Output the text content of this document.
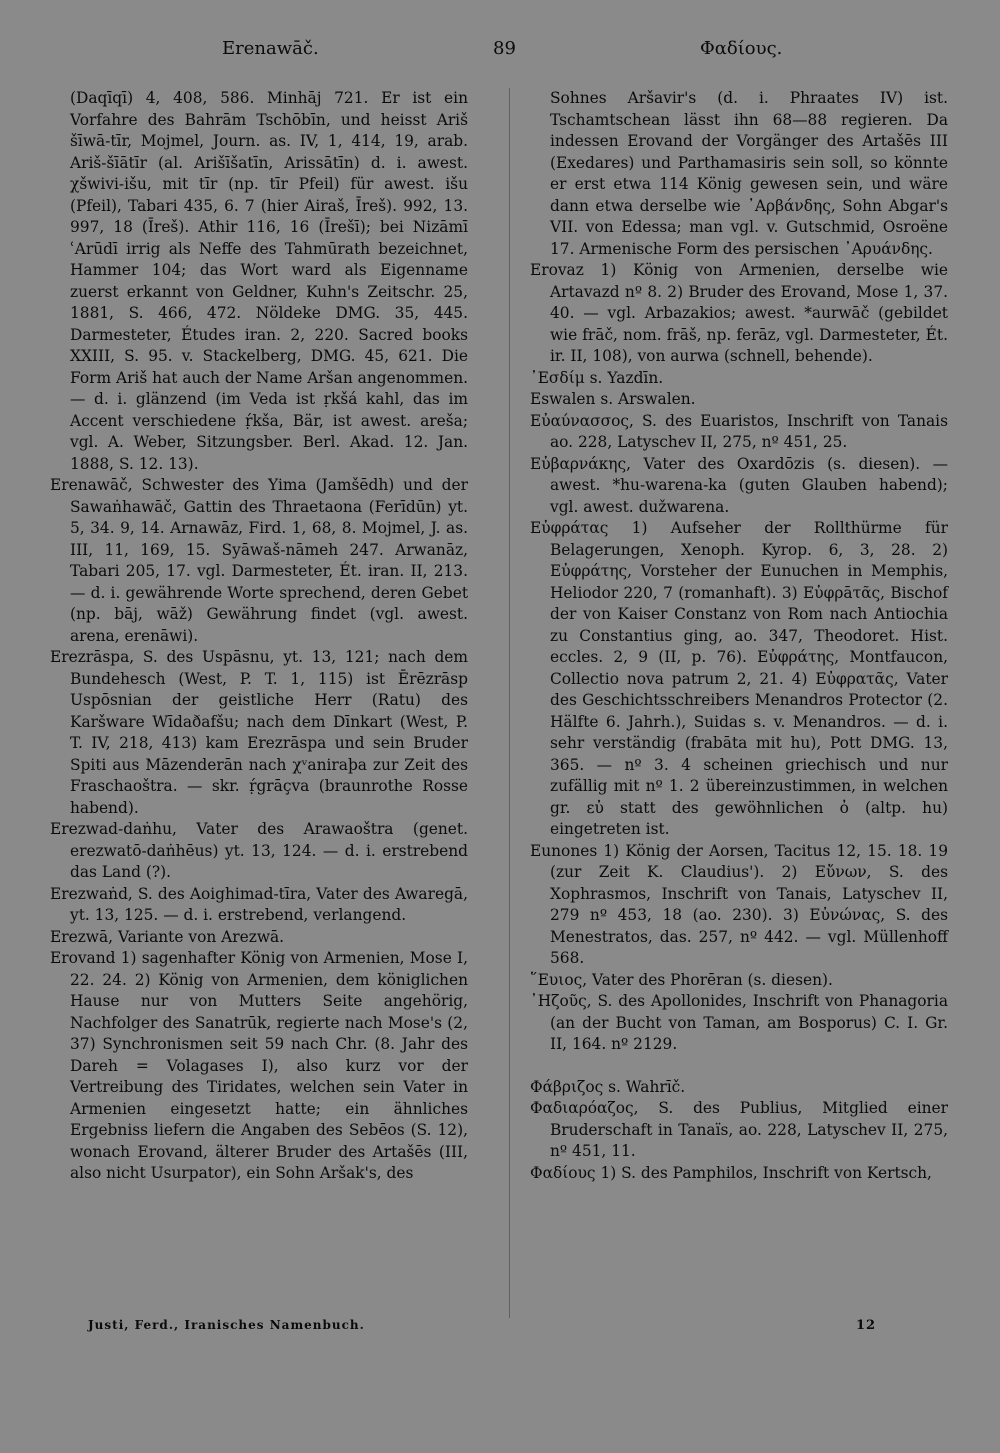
Erenawāč.	89	Φαδίους.

(Daqīqī) 4, 408, 586. Minhāj 721. Er ist ein Vorfahre des Bahrām Tschōbīn, und heisst Ariš šīwā-tīr, Mojmel, Journ. as. IV, 1, 414, 19, arab. Ariš-šīātīr (al. Arišīšatīn, Arissātīn) d. i. awest. χšwivi-išu, mit tīr (np. tīr Pfeil) für awest. išu (Pfeil), Tabari 435, 6. 7 (hier Airaš, Īreš). 992, 13. 997, 18 (Īreš). Athir 116, 16 (Īrešī); bei Nizāmī ʿArūdī irrig als Neffe des Tahmūrath bezeichnet, Hammer 104; das Wort ward als Eigenname zuerst erkannt von Geldner, Kuhn's Zeitschr. 25, 1881, S. 466, 472. Nöldeke DMG. 35, 445. Darmesteter, Études iran. 2, 220. Sacred books XXIII, S. 95. v. Stackelberg, DMG. 45, 621. Die Form Ariš hat auch der Name Aršan angenommen. — d. i. glänzend (im Veda ist ṛkšá kahl, das im Accent verschiedene ṛ́kša, Bär, ist awest. areša; vgl. A. Weber, Sitzungsber. Berl. Akad. 12. Jan. 1888, S. 12. 13).

Erenawāč, Schwester des Yima (Jamšēdh) und der Sawaṅhawāč, Gattin des Thraetaona (Ferīdūn) yt. 5, 34. 9, 14. Arnawāz, Fird. 1, 68, 8. Mojmel, J. as. III, 11, 169, 15. Syāwaš-nāmeh 247. Arwanāz, Tabari 205, 17. vgl. Darmesteter, Ét. iran. II, 213. — d. i. gewährende Worte sprechend, deren Gebet (np. bāj, wāž) Gewährung findet (vgl. awest. arena, erenāwi).

Erezrāspa, S. des Uspāsnu, yt. 13, 121; nach dem Bundehesch (West, P. T. 1, 115) ist Ērēzrāsp Uspōsnian der geistliche Herr (Ratu) des Karšware Wīdaðafšu; nach dem Dīnkart (West, P. T. IV, 218, 413) kam Erezrāspa und sein Bruder Spiti aus Māzenderān nach χᵛaniraþa zur Zeit des Fraschaoštra. — skr. ṛ́grāçva (braunrothe Rosse habend).

Erezwad-daṅhu, Vater des Arawaoštra (genet. erezwatō-daṅhēus) yt. 13, 124. — d. i. erstrebend das Land (?).

Erezwaṅd, S. des Aoighimad-tīra, Vater des Awaregā, yt. 13, 125. — d. i. erstrebend, verlangend.

Erezwā, Variante von Arezwā.

Erovand 1) sagenhafter König von Armenien, Mose I, 22. 24. 2) König von Armenien, dem königlichen Hause nur von Mutters Seite angehörig, Nachfolger des Sanatrūk, regierte nach Mose's (2, 37) Synchronismen seit 59 nach Chr. (8. Jahr des Dareh = Volagases I), also kurz vor der Vertreibung des Tiridates, welchen sein Vater in Armenien eingesetzt hatte; ein ähnliches Ergebniss liefern die Angaben des Sebēos (S. 12), wonach Erovand, älterer Bruder des Artašēs (III, also nicht Usurpator), ein Sohn Aršak's, des

Sohnes Aršavir's (d. i. Phraates IV) ist. Tschamtschean lässt ihn 68—88 regieren. Da indessen Erovand der Vorgänger des Artašēs III (Exedares) und Parthamasiris sein soll, so könnte er erst etwa 114 König gewesen sein, und wäre dann etwa derselbe wie ᾽Αρβάνδης, Sohn Abgar's VII. von Edessa; man vgl. v. Gutschmid, Osroëne 17. Armenische Form des persischen ᾽Αρυάνδης.

Erovaz 1) König von Armenien, derselbe wie Artavazd nº 8. 2) Bruder des Erovand, Mose 1, 37. 40. — vgl. Arbazakios; awest. *aurwāč (gebildet wie frāč, nom. frāš, np. ferāz, vgl. Darmesteter, Ét. ir. II, 108), von aurwa (schnell, behende).

᾽Εσδίμ s. Yazdīn.

Eswalen s. Arswalen.

Εὐαύνασσος, S. des Euaristos, Inschrift von Tanais ao. 228, Latyschev II, 275, nº 451, 25.

Εὐβαρνάκης, Vater des Oxardōzis (s. diesen). — awest. *hu-warena-ka (guten Glauben habend); vgl. awest. dužwarena.

Εὐφράτας 1) Aufseher der Rollthürme für Belagerungen, Xenoph. Kyrop. 6, 3, 28. 2) Εὐφράτης, Vorsteher der Eunuchen in Memphis, Heliodor 220, 7 (romanhaft). 3) Εὐφρāτᾶς, Bischof der von Kaiser Constanz von Rom nach Antiochia zu Constantius ging, ao. 347, Theodoret. Hist. eccles. 2, 9 (II, p. 76). Εὐφράτης, Montfaucon, Collectio nova patrum 2, 21. 4) Εὐφρατᾶς, Vater des Geschichtsschreibers Menandros Protector (2. Hälfte 6. Jahrh.), Suidas s. v. Menandros. — d. i. sehr verständig (frabāta mit hu), Pott DMG. 13, 365. — nº 3. 4 scheinen griechisch und nur zufällig mit nº 1. 2 übereinzustimmen, in welchen gr. εὐ statt des gewöhnlichen ὀ (altp. hu) eingetreten ist.

Eunones 1) König der Aorsen, Tacitus 12, 15. 18. 19 (zur Zeit K. Claudius'). 2) Εὔνων, S. des Xophrasmos, Inschrift von Tanais, Latyschev II, 279 nº 453, 18 (ao. 230). 3) Εὐνώνας, S. des Menestratos, das. 257, nº 442. — vgl. Müllenhoff 568.

῞Ευιος, Vater des Phorēran (s. diesen).

᾽Ηζοῦς, S. des Apollonides, Inschrift von Phanagoria (an der Bucht von Taman, am Bosporus) C. I. Gr. II, 164. nº 2129.

Φάβριζος s. Wahrīč.

Φαδιαρόαζος, S. des Publius, Mitglied einer Bruderschaft in Tanaïs, ao. 228, Latyschev II, 275, nº 451, 11.

Φαδίους 1) S. des Pamphilos, Inschrift von Kertsch,

Justi, Ferd., Iranisches Namenbuch.	12
